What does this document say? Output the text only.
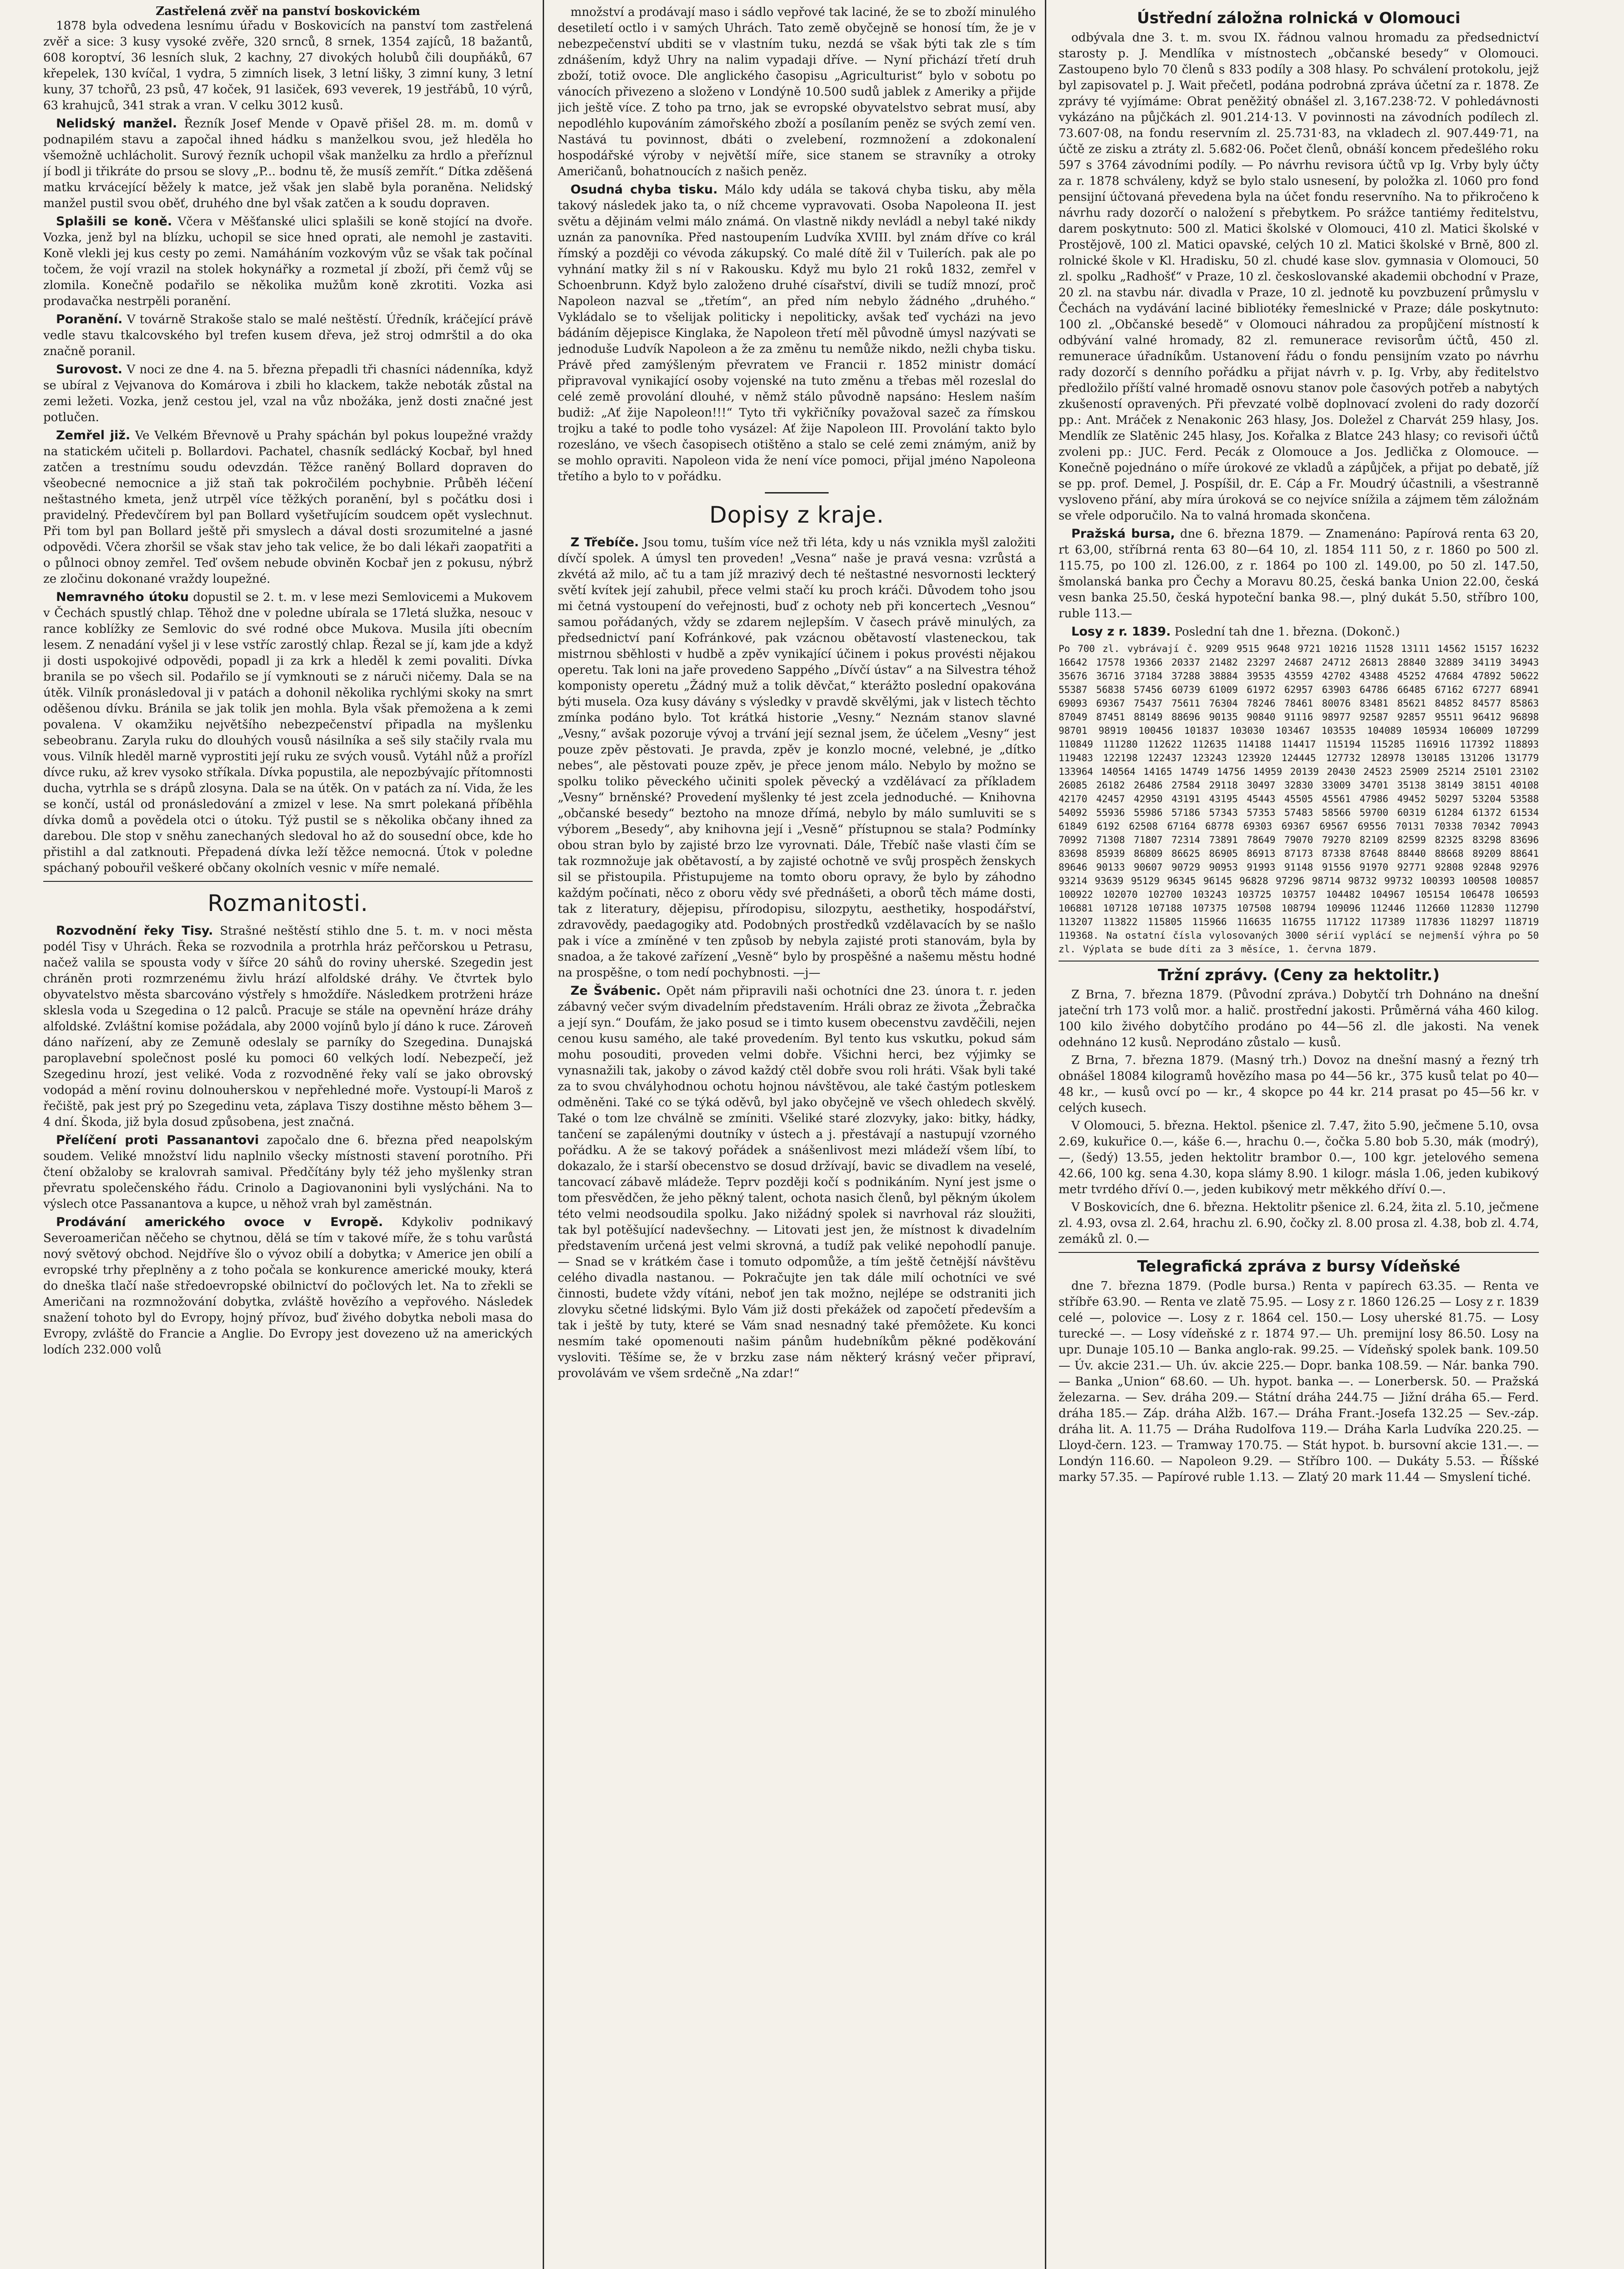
Zastřelená zvěř na panství boskovickém

1878 byla odvedena lesnímu úřadu v Boskovicích na panství tom zastřelená zvěř a sice: 3 kusy vysoké zvěře, 320 srnců, 8 srnek, 1354 zajíců, 18 bažantů, 608 koroptví, 36 lesních sluk, 2 kachny, 27 divokých holubů čili doupňáků, 67 křepelek, 130 kvíčal, 1 vydra, 5 zimních lisek, 3 letní lišky, 3 zimní kuny, 3 letní kuny, 37 tchořů, 23 psů, 47 koček, 91 lasiček, 693 veverek, 19 jestřábů, 10 výrů, 63 krahujců, 341 strak a vran. V celku 3012 kusů.

Nelidský manžel. Řezník Josef Mende v Opavě přišel 28. m. m. domů v podnapilém stavu a započal ihned hádku s manželkou svou, jež hleděla ho všemožně uchlácholit. Surový řezník uchopil však manželku za hrdlo a přeříznul jí bodl ji třikráte do prsou se slovy „P... bodnu tě, že musíš zemřít.“ Dítka zděšená matku krvácející běžely k matce, jež však jen slabě byla poraněna. Nelidský manžel pustil svou oběť, druhého dne byl však zatčen a k soudu dopraven.

Splašili se koně. Včera v Měšťanské ulici splašili se koně stojící na dvoře. Vozka, jenž byl na blízku, uchopil se sice hned oprati, ale nemohl je zastaviti. Koně vlekli jej kus cesty po zemi. Namáháním vozkovým vůz se však tak počínal točem, že vojí vrazil na stolek hokynářky a rozmetal jí zboží, při čemž vůj se zlomila. Konečně podařilo se několika mužům koně zkrotiti. Vozka asi prodavačka nestrpěli poranění.

Poranění. V továrně Strakoše stalo se malé neštěstí. Úředník, kráčející právě vedle stavu tkalcovského byl trefen kusem dřeva, jež stroj odmrštil a do oka značně poranil.

Surovost. V noci ze dne 4. na 5. března přepadli tři chasníci nádenníka, když se ubíral z Vejvanova do Komárova i zbili ho klackem, takže neboták zůstal na zemi ležeti. Vozka, jenž cestou jel, vzal na vůz nbožáka, jenž dosti značné jest potlučen.

Zemřel již. Ve Velkém Břevnově u Prahy spáchán byl pokus loupežné vraždy na statickém učiteli p. Bollardovi. Pachatel, chasník sedlácký Kocbař, byl hned zatčen a trestnímu soudu odevzdán. Těžce raněný Bollard dopraven do všeobecné nemocnice a již staň tak pokročilém pochybnie. Průběh léčení neštastného kmeta, jenž utrpěl více těžkých poranění, byl s počátku dosi i pravidelný. Předevčírem byl pan Bollard vyšetřujícím soudcem opět vyslechnut. Při tom byl pan Bollard ještě při smyslech a dával dosti srozumitelné a jasné odpovědi. Včera zhoršil se však stav jeho tak velice, že bo dali lékaři zaopatřiti a o půlnoci obnoy zemřel. Teď ovšem nebude obviněn Kocbař jen z pokusu, nýbrž ze zločinu dokonané vraždy loupežné.

Nemravného útoku dopustil se 2. t. m. v lese mezi Semlovicemi a Mukovem v Čechách spustlý chlap. Těhož dne v poledne ubírala se 17letá služka, nesouc v rance koblížky ze Semlovic do své rodné obce Mukova. Musila jíti obecním lesem. Z nenadání vyšel ji v lese vstříc zarostlý chlap. Řezal se jí, kam jde a když ji dosti uspokojivé odpovědi, popadl ji za krk a hleděl k zemi povaliti. Dívka branila se po všech sil. Podařilo se jí vymknouti se z náruči ničemy. Dala se na útěk. Vilník pronásledoval ji v patách a dohonil několika rychlými skoky na smrt oděšenou dívku. Bránila se jak tolik jen mohla. Byla však přemožena a k zemi povalena. V okamžiku největšího nebezpečenství připadla na myšlenku sebeobranu. Zaryla ruku do dlouhých vousů násilníka a seš sily stačily rvala mu vous. Vilník hleděl marně vyprostiti její ruku ze svých vousů. Vytáhl nůž a prořízl dívce ruku, až krev vysoko stříkala. Dívka popustila, ale nepozbývajíc přítomnosti ducha, vytrhla se s drápů zlosyna. Dala se na útěk. On v patách za ní. Vida, že les se končí, ustál od pronásledování a zmizel v lese. Na smrt polekaná příběhla dívka domů a povědela otci o útoku. Týž pustil se s několika občany ihned za darebou. Dle stop v sněhu zanechaných sledoval ho až do sousední obce, kde ho přistihl a dal zatknouti. Přepadená dívka leží těžce nemocná. Útok v poledne spáchaný pobouřil veškeré občany okolních vesnic v míře nemalé.

Rozmanitosti.

Rozvodnění řeky Tisy. Strašné neštěstí stihlo dne 5. t. m. v noci města podél Tisy v Uhrách. Řeka se rozvodnila a protrhla hráz peřčorskou u Petrasu, načež valila se spousta vody v šířce 20 sáhů do roviny uherské. Szegedin jest chráněn proti rozmrzenému živlu hrází alfoldské dráhy. Ve čtvrtek bylo obyvatelstvo města sbarcováno výstřely s hmoždíře. Následkem protrženi hráze sklesla voda u Szegedina o 12 palců. Pracuje se stále na opevnění hráze dráhy alfoldské. Zvláštní komise požádala, aby 2000 vojínů bylo jí dáno k ruce. Zároveň dáno nařízení, aby ze Zemuně odeslaly se parníky do Szegedina. Dunajská paroplavební společnost poslé ku pomoci 60 velkých lodí. Nebezpečí, jež Szegedinu hrozí, jest veliké. Voda z rozvodněné řeky valí se jako obrovský vodopád a mění rovinu dolnouherskou v nepřehledné moře. Vystoupí-li Maroš z řečiště, pak jest prý po Szegedinu veta, záplava Tiszy dostihne město během 3—4 dní. Škoda, již byla dosud způsobena, jest značná.

Přelíčení proti Passanantovi započalo dne 6. března před neapolským soudem. Veliké množství lidu naplnilo všecky místnosti stavení porotního. Při čtení obžaloby se kralovrah samival. Předčítány byly též jeho myšlenky stran převratu společenského řádu. Crinolo a Dagiovanonini byli vyslýcháni. Na to výslech otce Passanantova a kupce, u něhož vrah byl zaměstnán.

Prodávání amerického ovoce v Evropě. Kdykoliv podnikavý Severoameričan něčeho se chytnou, dělá se tím v takové míře, že s tohu varůstá nový světový obchod. Nejdříve šlo o vývoz obilí a dobytka; v Americe jen obilí a evropské trhy přeplněny a z toho počala se konkurence americké mouky, která do dneška tlačí naše středoevropské obilnictví do počlových let. Na to zřekli se Američani na rozmnožování dobytka, zvláště hovězího a vepřového. Následek snažení tohoto byl do Evropy, hojný přívoz, buď živého dobytka neboli masa do Evropy, zvláště do Francie a Anglie. Do Evropy jest dovezeno už na amerických lodích 232.000 volů

množství a prodávají maso i sádlo vepřové tak laciné, že se to zboží minulého desetiletí octlo i v samých Uhrách. Tato země obyčejně se honosí tím, že je v nebezpečenství ubditi se v vlastním tuku, nezdá se však býti tak zle s tím zdnášením, když Uhry na nalim vypadaji dříve. — Nyní přichází třetí druh zboží, totiž ovoce. Dle anglického časopisu „Agriculturist“ bylo v sobotu po vánocích přivezeno a složeno v Londýně 10.500 sudů jablek z Ameriky a přijde jich ještě více. Z toho pa trno, jak se evropské obyvatelstvo sebrat musí, aby nepodléhlo kupováním zámořského zboží a posílaním peněz se svých zemí ven. Nastává tu povinnost, dbáti o zvelebení, rozmnožení a zdokonalení hospodářské výroby v největší míře, sice stanem se stravníky a otroky Američanů, bohatnoucích z našich peněz.

Osudná chyba tisku. Málo kdy udála se taková chyba tisku, aby měla takový následek jako ta, o níž chceme vypravovati. Osoba Napoleona II. jest světu a dějinám velmi málo známá. On vlastně nikdy nevládl a nebyl také nikdy uznán za panovníka. Před nastoupením Ludvíka XVIII. byl znám dříve co král římský a později co vévoda zákupský. Co malé dítě žil v Tuilerích. pak ale po vyhnání matky žil s ní v Rakousku. Když mu bylo 21 roků 1832, zemřel v Schoenbrunn. Když bylo založeno druhé císařství, divili se tudíž mnozí, proč Napoleon nazval se „třetím“, an před ním nebylo žádného „druhého.“ Vykládalo se to všelijak politicky i nepoliticky, avšak teď vycházi na jevo bádáním dějepisce Kinglaka, že Napoleon třetí měl původně úmysl nazývati se jednoduše Ludvík Napoleon a že za změnu tu nemůže nikdo, nežli chyba tisku. Právě před zamýšleným převratem ve Francii r. 1852 ministr domácí připravoval vynikající osoby vojenské na tuto změnu a třebas měl rozeslal do celé země provolání dlouhé, v němž stálo původně napsáno: Heslem naším budiž: „Ať žije Napoleon!!!“ Tyto tři vykřičníky považoval sazeč za římskou trojku a také to podle toho vysázel: Ať žije Napoleon III. Provolání takto bylo rozesláno, ve všech časopisech otištěno a stalo se celé zemi známým, aniž by se mohlo opraviti. Napoleon vida že není více pomoci, přijal jméno Napoleona třetího a bylo to v pořádku.

Dopisy z kraje.

Z Třebíče. Jsou tomu, tuším více než tři léta, kdy u nás vznikla myšl založiti dívčí spolek. A úmysl ten proveden! „Vesna“ naše je pravá vesna: vzrůstá a zkvétá až milo, ač tu a tam jíž mrazivý dech té neštastné nesvornosti leckterý světí kvítek její zahubil, přece velmi stačí ku proch kráči. Důvodem toho jsou mi četná vystoupení do veřejnosti, buď z ochoty neb při koncertech „Vesnou“ samou pořádaných, vždy se zdarem nejlepším. V časech právě minulých, za předsednictví paní Kofránkové, pak vzácnou obětavostí vlasteneckou, tak mistrnou sběhlosti v hudbě a zpěv vynikající účinem i pokus provésti nějakou operetu. Tak loni na jaře provedeno Sappého „Dívčí ústav“ a na Silvestra téhož komponisty operetu „Žádný muž a tolik děvčat,“ kterážto poslední opakována býti musela. Oza kusy dávány s výsledky v pravdě skvělými, jak v listech těchto zmínka podáno bylo. Tot krátká historie „Vesny.“ Neznám stanov slavné „Vesny,“ avšak pozoruje vývoj a trvání její seznal jsem, že účelem „Vesny“ jest pouze zpěv pěstovati. Je pravda, zpěv je konzlo mocné, velebné, je „dítko nebes“, ale pěstovati pouze zpěv, je přece jenom málo. Nebylo by možno se spolku toliko pěveckého učiniti spolek pěvecký a vzdělávací za příkladem „Vesny“ brněnské? Provedení myšlenky té jest zcela jednoduché. — Knihovna „občanské besedy“ beztoho na mnoze dřímá, nebylo by málo sumluviti se s výborem „Besedy“, aby knihovna její i „Vesně“ přístupnou se stala? Podmínky obou stran bylo by zajisté brzo lze vyrovnati. Dále, Třebíč naše vlasti čím se tak rozmnožuje jak obětavostí, a by zajisté ochotně ve svůj prospěch ženskych sil se přistoupila. Přistupujeme na tomto oboru opravy, že bylo by záhodno každým počínati, něco z oboru vědy své přednášeti, a oborů těch máme dosti, tak z literatury, dějepisu, přírodopisu, silozpytu, aesthetiky, hospodářství, zdravovědy, paedagogiky atd. Podobných prostředků vzdělavacích by se našlo pak i více a zmíněné v ten způsob by nebyla zajisté proti stanovám, byla by snadoa, a že takové zařízení „Vesně“ bylo by prospěšné a našemu městu hodné na prospěšne, o tom nedí pochybnosti. —j—

Ze Švábenic. Opět nám připravili naši ochotníci dne 23. února t. r. jeden zábavný večer svým divadelním představením. Hráli obraz ze života „Žebračka a její syn.“ Doufám, že jako posud se i timto kusem obecenstvu zavděčili, nejen cenou kusu samého, ale také provedením. Byl tento kus vskutku, pokud sám mohu posouditi, proveden velmi dobře. Všichni herci, bez výjimky se vynasnažili tak, jakoby o závod každý ctěl dobře svou roli hráti. Však byli také za to svou chvályhodnou ochotu hojnou návštěvou, ale také častým potleskem odměněni. Také co se týká oděvů, byl jako obyčejně ve všech ohledech skvělý. Také o tom lze chválně se zmíniti. Všeliké staré zlozvyky, jako: bitky, hádky, tančení se zapálenými doutníky v ústech a j. přestávají a nastupují vzorného pořádku. A že se takový pořádek a snášenlivost mezi mládeží všem líbí, to dokazalo, že i starší obecenstvo se dosud držívají, bavic se divadlem na veselé, tancovací zábavě mládeže. Teprv později kočí s podnikáním. Nyní jest jsme o tom přesvědčen, že jeho pěkný talent, ochota nasich členů, byl pěkným úkolem této velmi neodsoudila spolku. Jako nižádný spolek si navrhoval ráz sloužiti, tak byl potěšující nadevšechny. — Litovati jest jen, že místnost k divadelním představením určená jest velmi skrovná, a tudíž pak veliké nepohodlí panuje. — Snad se v krátkém čase i tomuto odpomůže, a tím ještě četnější návštěvu celého divadla nastanou. — Pokračujte jen tak dále milí ochotníci ve své činnosti, budete vždy vítáni, neboť jen tak možno, nejlépe se odstraniti jich zlovyku sčetné lidskými. Bylo Vám již dosti překážek od započetí především a tak i ještě by tuty, které se Vám snad nesnadný také přemôžete. Ku konci nesmím také opomenouti našim pánům hudebníkům pěkné poděkování vysloviti. Těšíme se, že v brzku zase nám některý krásný večer připraví, provolávám ve všem srdečně „Na zdar!“

Ústřední záložna rolnická v Olomouci

odbývala dne 3. t. m. svou IX. řádnou valnou hromadu za předsednictví starosty p. J. Mendlíka v místnostech „občanské besedy“ v Olomouci. Zastoupeno bylo 70 členů s 833 podíly a 308 hlasy. Po schválení protokolu, jejž byl zapisovatel p. J. Wait přečetl, podána podrobná zpráva účetní za r. 1878. Ze zprávy té vyjímáme: Obrat peněžitý obnášel zl. 3,167.238·72. V pohledávnosti vykázáno na půjčkách zl. 901.214·13. V povinnosti na závodních podílech zl. 73.607·08, na fondu reservním zl. 25.731·83, na vkladech zl. 907.449·71, na účtě ze zisku a ztráty zl. 5.682·06. Počet členů, obnáší koncem předešlého roku 597 s 3764 závodními podíly. — Po návrhu revisora účtů vp Ig. Vrby byly účty za r. 1878 schváleny, když se bylo stalo usnesení, by položka zl. 1060 pro fond pensijní účtovaná převedena byla na účet fondu reservního. Na to přikročeno k návrhu rady dozorčí o naložení s přebytkem. Po srážce tantiémy ředitelstvu, darem poskytnuto: 500 zl. Matici školské v Olomouci, 410 zl. Matici školské v Prostějově, 100 zl. Matici opavské, celých 10 zl. Matici školské v Brně, 800 zl. rolnické škole v Kl. Hradisku, 50 zl. chudé kase slov. gymnasia v Olomouci, 50 zl. spolku „Radhošť“ v Praze, 10 zl. českoslovanské akademii obchodní v Praze, 20 zl. na stavbu nár. divadla v Praze, 10 zl. jednotě ku povzbuzení průmyslu v Čechách na vydávání laciné bibliotéky řemeslnické v Praze; dále poskytnuto: 100 zl. „Občanské besedě“ v Olomouci náhradou za propůjčení místností k odbývání valné hromady, 82 zl. remunerace revisorům účtů, 450 zl. remunerace úřadníkům. Ustanovení řádu o fondu pensijním vzato po návrhu rady dozorčí s denního pořádku a přijat návrh v. p. Ig. Vrby, aby ředitelstvo předložilo příští valné hromadě osnovu stanov pole časových potřeb a nabytých zkušeností opravených. Při převzaté volbě doplnovací zvoleni do rady dozorčí pp.: Ant. Mráček z Nenakonic 263 hlasy, Jos. Doležel z Charvát 259 hlasy, Jos. Mendlík ze Slatěnic 245 hlasy, Jos. Kořalka z Blatce 243 hlasy; co revisoři účtů zvoleni pp.: JUC. Ferd. Pecák z Olomouce a Jos. Jedlička z Olomouce. — Konečně pojednáno o míře úrokové ze vkladů a zápůjček, a přijat po debatě, jíž se pp. prof. Demel, J. Pospíšil, dr. E. Cáp a Fr. Moudrý účastnili, a všestranně vysloveno přání, aby míra úroková se co nejvíce snížila a zájmem těm záložnám se vřele odporučilo. Na to valná hromada skončena.

Pražská bursa, dne 6. března 1879. — Znamenáno: Papírová renta 63 20, rt 63,00, stříbrná renta 63 80—64 10, zl. 1854 111 50, z r. 1860 po 500 zl. 115.75, po 100 zl. 126.00, z r. 1864 po 100 zl. 149.00, po 50 zl. 147.50, šmolanská banka pro Čechy a Moravu 80.25, česká banka Union 22.00, česká vesn banka 25.50, česká hypoteční banka 98.—, plný dukát 5.50, stříbro 100, ruble 113.—

Losy z r. 1839. Poslední tah dne 1. března. (Dokonč.)

Po 700 zl. vybrávají č. 9209 9515 9648 9721 10216 11528 13111 14562 15157 16232 16642 17578 19366 20337 21482 23297 24687 24712 26813 28840 32889 34119 34943 35676 36716 37184 37288 38884 39535 43559 42702 43488 45252 47684 47892 50622 55387 56838 57456 60739 61009 61972 62957 63903 64786 66485 67162 67277 68941 69093 69367 75437 75611 76304 78246 78461 80076 83481 85621 84852 84577 85863 87049 87451 88149 88696 90135 90840 91116 98977 92587 92857 95511 96412 96898 98701 98919 100456 101837 103030 103467 103535 104089 105934 106009 107299 110849 111280 112622 112635 114188 114417 115194 115285 116916 117392 118893 119483 122198 122437 123243 123920 124445 127732 128978 130185 131206 131779 133964 140564 14165 14749 14756 14959 20139 20430 24523 25909 25214 25101 23102 26085 26182 26486 27584 29118 30497 32830 33009 34701 35138 38149 38151 40108 42170 42457 42950 43191 43195 45443 45505 45561 47986 49452 50297 53204 53588 54092 55936 55986 57186 57343 57353 57483 58566 59700 60319 61284 61372 61534 61849 6192 62508 67164 68778 69303 69367 69567 69556 70131 70338 70342 70943 70992 71308 71807 72314 73891 78649 79070 79270 82109 82599 82325 83298 83696 83698 85939 86809 86625 86905 86913 87173 87338 87648 88440 88668 89209 88641 89646 90133 90607 90729 90953 91993 91148 91556 91970 92771 92808 92848 92976 93214 93639 95129 96345 96145 96828 97296 98714 98732 99732 100393 100508 100857 100922 102070 102700 103243 103725 103757 104482 104967 105154 106478 106593 106881 107128 107188 107375 107508 108794 109096 112446 112660 112830 112790 113207 113822 115805 115966 116635 116755 117122 117389 117836 118297 118719 119368. Na ostatní čísla vylosovaných 3000 sérií vyplácí se nejmenší výhra po 50 zl. Výplata se bude díti za 3 měsíce, 1. června 1879.
Tržní zprávy. (Ceny za hektolitr.)

Z Brna, 7. března 1879. (Původní zpráva.) Dobytčí trh Dohnáno na dnešní jateční trh 173 volů mor. a halič. prostřední jakosti. Průměrná váha 460 kilog. 100 kilo živého dobytčího prodáno po 44—56 zl. dle jakosti. Na venek odehnáno 12 kusů. Neprodáno zůstalo — kusů.

Z Brna, 7. března 1879. (Masný trh.) Dovoz na dnešní masný a řezný trh obnášel 18084 kilogramů hovězího masa po 44—56 kr., 375 kusů telat po 40—48 kr., — kusů ovcí po — kr., 4 skopce po 44 kr. 214 prasat po 45—56 kr. v celých kusech.

V Olomouci, 5. března. Hektol. pšenice zl. 7.47, žito 5.90, ječmene 5.10, ovsa 2.69, kukuřice 0.—, káše 6.—, hrachu 0.—, čočka 5.80 bob 5.30, mák (modrý),—, (šedý) 13.55, jeden hektolitr brambor 0.—, 100 kgr. jetelového semena 42.66, 100 kg. sena 4.30, kopa slámy 8.90. 1 kilogr. másla 1.06, jeden kubikový metr tvrdého dříví 0.—, jeden kubikový metr měkkého dříví 0.—.

V Boskovicích, dne 6. března. Hektolitr pšenice zl. 6.24, žita zl. 5.10, ječmene zl. 4.93, ovsa zl. 2.64, hrachu zl. 6.90, čočky zl. 8.00 prosa zl. 4.38, bob zl. 4.74, zemáků zl. 0.—

Telegrafická zpráva z bursy Vídeňské

dne 7. března 1879. (Podle bursa.) Renta v papírech 63.35. — Renta ve stříbře 63.90. — Renta ve zlatě 75.95. — Losy z r. 1860 126.25 — Losy z r. 1839 celé —, polovice —. Losy z r. 1864 cel. 150.— Losy uherské 81.75. — Losy turecké —. — Losy vídeňské z r. 1874 97.— Uh. premijní losy 86.50. Losy na upr. Dunaje 105.10 — Banka anglo-rak. 99.25. — Vídeňský spolek bank. 109.50 — Úv. akcie 231.— Uh. úv. akcie 225.— Dopr. banka 108.59. — Nár. banka 790.— Banka „Union“ 68.60. — Uh. hypot. banka —. — Lonerbersk. 50. — Pražská železarna. — Sev. dráha 209.— Státní dráha 244.75 — Jižní dráha 65.— Ferd. dráha 185.— Záp. dráha Alžb. 167.— Dráha Frant.-Josefa 132.25 — Sev.-záp. dráha lit. A. 11.75 — Dráha Rudolfova 119.— Dráha Karla Ludvíka 220.25. — Lloyd-čern. 123. — Tramway 170.75. — Stát hypot. b. bursovní akcie 131.—. — Londýn 116.60. — Napoleon 9.29. — Stříbro 100. — Dukáty 5.53. — Říšské marky 57.35. — Papírové ruble 1.13. — Zlatý 20 mark 11.44 — Smyslení tiché.
